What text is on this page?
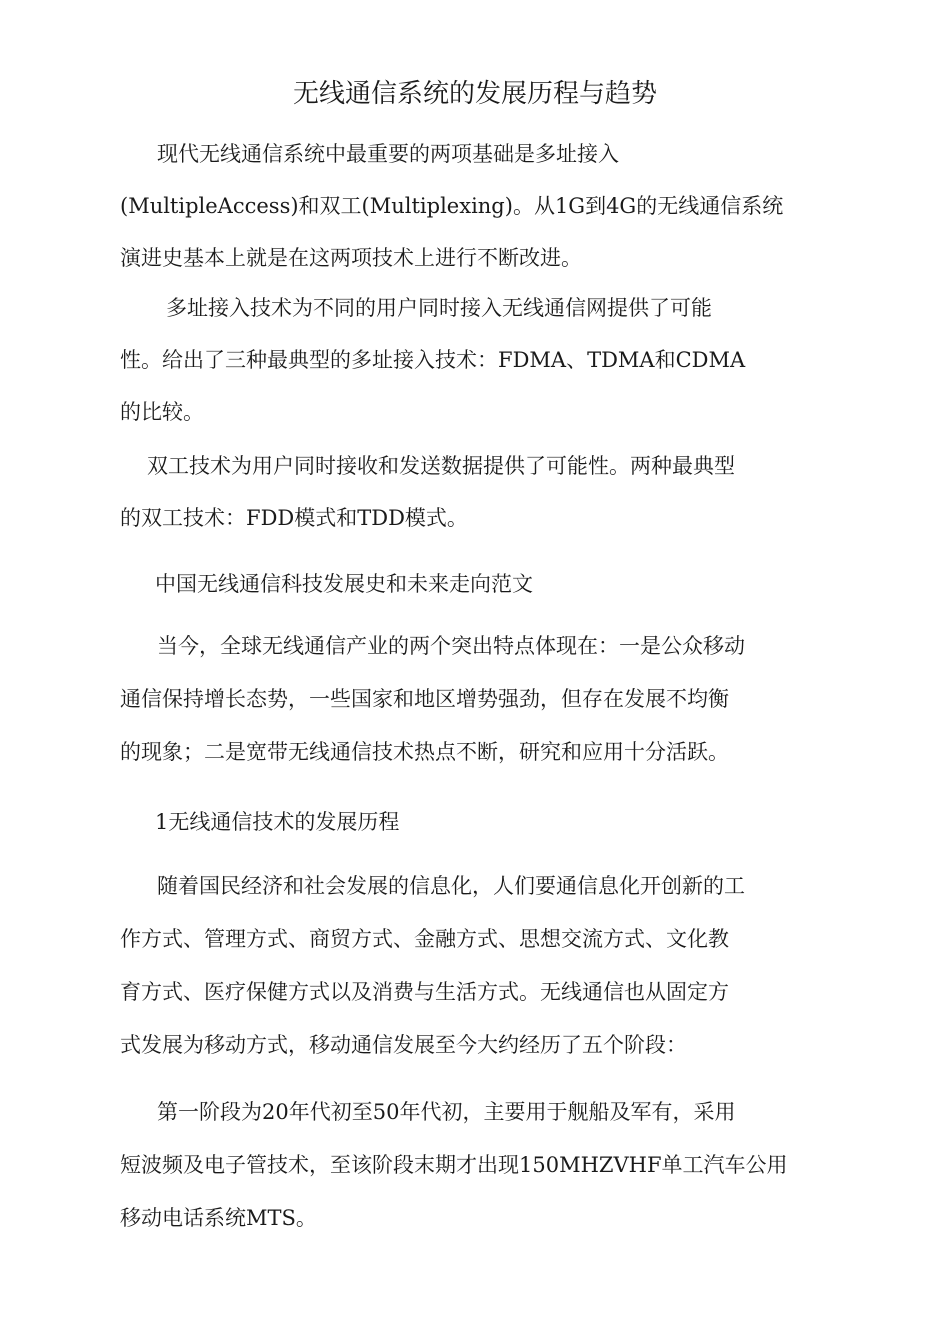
无线通信系统的发展历程与趋势
现代无线通信系统中最重要的两项基础是多址接入
(MultipleAccess)和双工(Multiplexing)。从1G到4G的无线通信系统
演进史基本上就是在这两项技术上进行不断改进。
多址接入技术为不同的用户同时接入无线通信网提供了可能
性。给出了三种最典型的多址接入技术：FDMA、TDMA和CDMA
的比较。
双工技术为用户同时接收和发送数据提供了可能性。两种最典型
的双工技术：FDD模式和TDD模式。
中国无线通信科技发展史和未来走向范文
当今，全球无线通信产业的两个突出特点体现在：一是公众移动
通信保持增长态势，一些国家和地区增势强劲，但存在发展不均衡
的现象；二是宽带无线通信技术热点不断，研究和应用十分活跃。
1无线通信技术的发展历程
随着国民经济和社会发展的信息化，人们要通信息化开创新的工
作方式、管理方式、商贸方式、金融方式、思想交流方式、文化教
育方式、医疗保健方式以及消费与生活方式。无线通信也从固定方
式发展为移动方式，移动通信发展至今大约经历了五个阶段：
第一阶段为20年代初至50年代初，主要用于舰船及军有，采用
短波频及电子管技术，至该阶段末期才出现150MHZVHF单工汽车公用
移动电话系统MTS。
